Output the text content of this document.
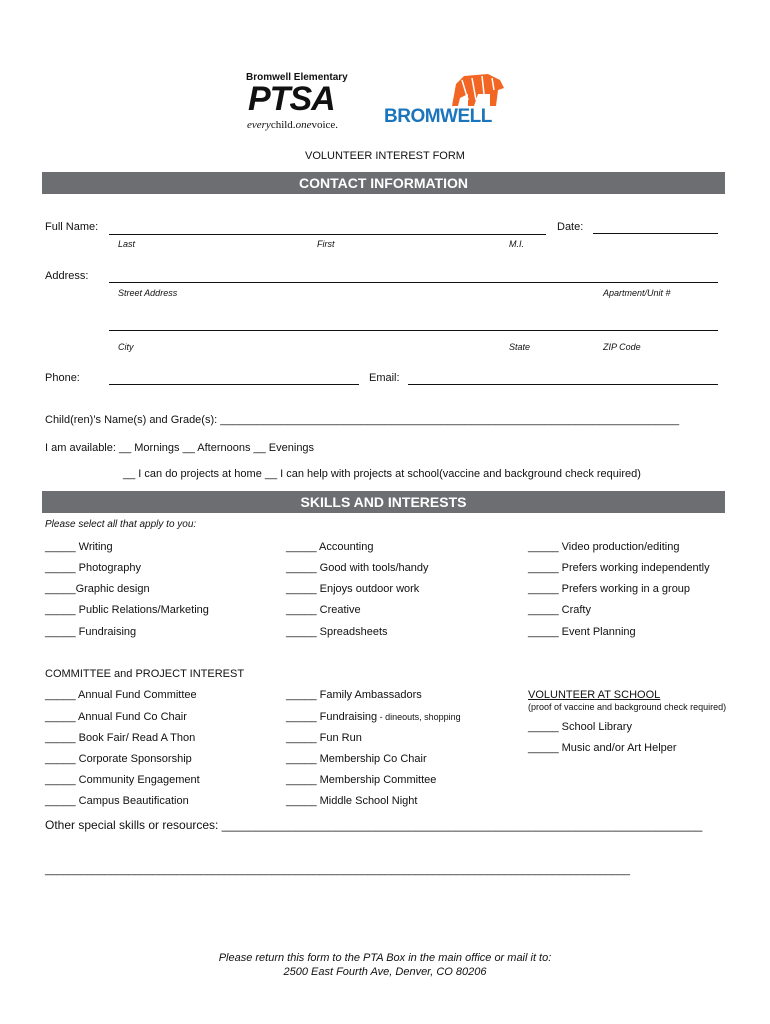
Bromwell Elementary
PTSA
everychild.onevoice. BROMWELL
VOLUNTEER INTEREST FORM
CONTACT INFORMATION
Full Name:	Date:
Last	First	M.I.
Address:
Street Address	Apartment/Unit #
City	State	ZIP Code
Phone:	Email:
Child(ren)’s Name(s) and Grade(s): ___________________________________________________________________________
I am available: __ Mornings __ Afternoons __ Evenings
__ I can do projects at home __ I can help with projects at school(vaccine and background check required)
SKILLS AND INTERESTS
Please select all that apply to you:
_____ Writing
_____ Photography
_____Graphic design
_____ Public Relations/Marketing
_____ Fundraising
_____ Accounting
_____ Good with tools/handy
_____ Enjoys outdoor work
_____ Creative
_____ Spreadsheets
_____ Video production/editing
_____ Prefers working independently
_____ Prefers working in a group
_____ Crafty
_____ Event Planning
COMMITTEE and PROJECT INTEREST
_____ Annual Fund Committee
_____ Annual Fund Co Chair
_____ Book Fair/ Read A Thon
_____ Corporate Sponsorship
_____ Community Engagement
_____ Campus Beautification
_____ Family Ambassadors
_____ Fundraising - dineouts, shopping
_____ Fun Run
_____ Membership Co Chair
_____ Membership Committee
_____ Middle School Night
VOLUNTEER AT SCHOOL
(proof of vaccine and background check required)
_____ School Library
_____ Music and/or Art Helper
Other special skills or resources: ________________________________________________________________________
__________________________________________________________________________________________________
Please return this form to the PTA Box in the main office or mail it to:
2500 East Fourth Ave, Denver, CO 80206
